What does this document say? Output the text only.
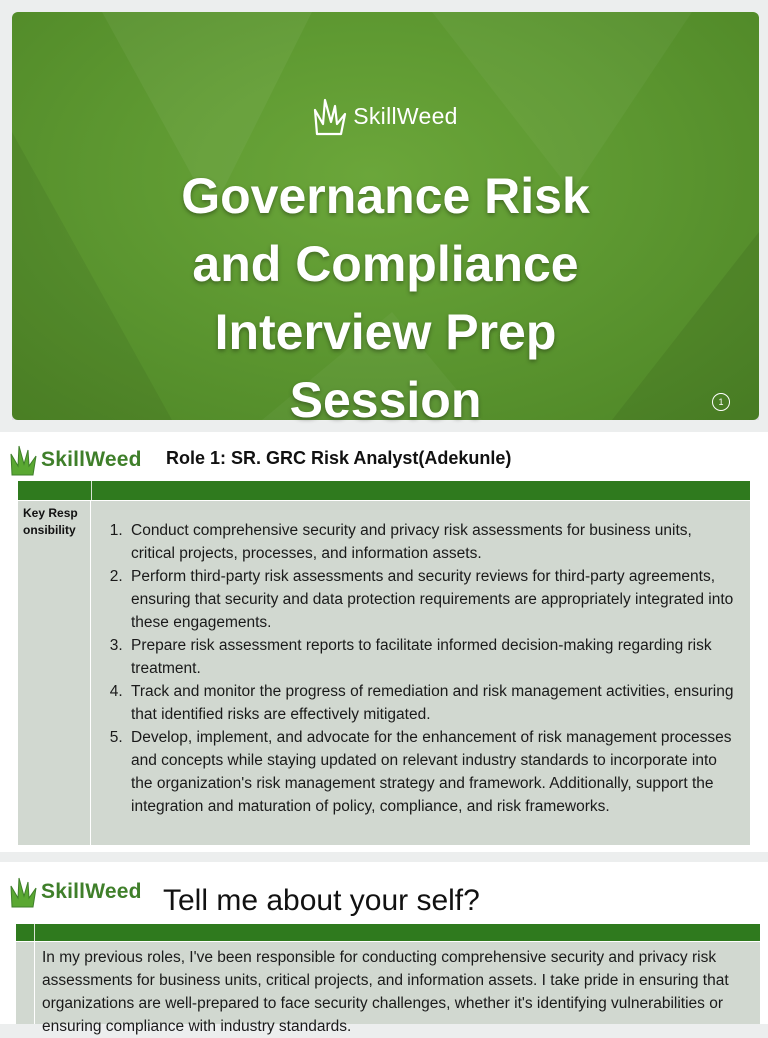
SkillWeed
Governance Risk
and Compliance
Interview Prep
Session	1
SkillWeed Role 1: SR. GRC Risk Analyst(Adekunle)
Key Responsibility
1.	Conduct comprehensive security and privacy risk assessments for business units, critical projects, processes, and information assets.
2. Perform third-party risk assessments and security reviews for third-party agreements, ensuring that security and data protection requirements are appropriately integrated into these engagements.
3. Prepare risk assessment reports to facilitate informed decision-making regarding risk treatment.
4. Track and monitor the progress of remediation and risk management activities, ensuring that identified risks are effectively mitigated.
5. Develop, implement, and advocate for the enhancement of risk management processes and concepts while staying updated on relevant industry standards to incorporate into the organization's risk management strategy and framework. Additionally, support the integration and maturation of policy, compliance, and risk frameworks.
SkillWeed Tell me about your self?
In my previous roles, I've been responsible for conducting comprehensive security and privacy risk assessments for business units, critical projects, and information assets. I take pride in ensuring that organizations are well-prepared to face security challenges, whether it's identifying vulnerabilities or ensuring compliance with industry standards.
